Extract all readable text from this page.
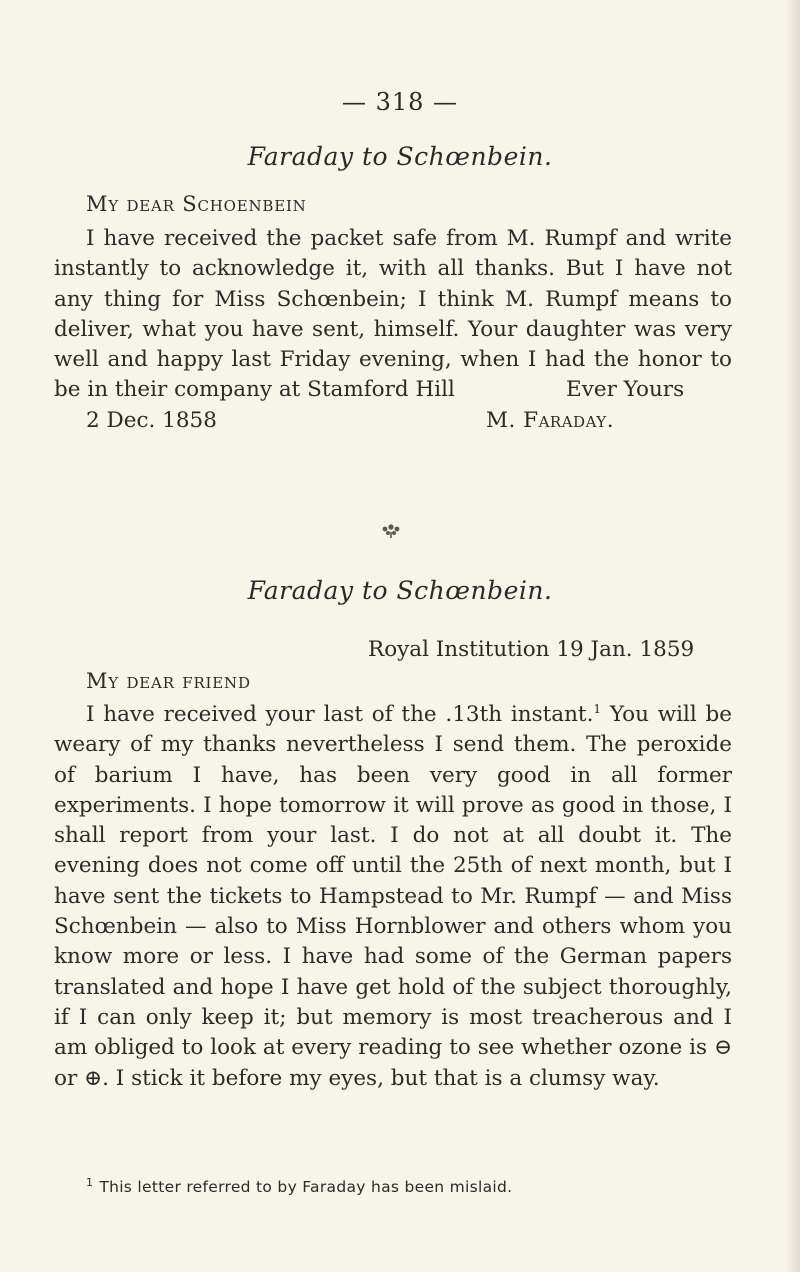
— 318 —
Faraday to Schœnbein.
My dear Schoenbein

I have received the packet safe from M. Rumpf and write instantly to acknowledge it, with all thanks. But I have not any thing for Miss Schœnbein; I think M. Rumpf means to deliver, what you have sent, himself. Your daughter was very well and happy last Friday evening, when I had the honor to be in their company at Stamford Hill	Ever Yours
2 Dec. 1858	M. Faraday.
Faraday to Schœnbein.
Royal Institution 19 Jan. 1859
My dear friend

I have received your last of the .13th instant.$^1$ You will be weary of my thanks nevertheless I send them. The peroxide of barium I have, has been very good in all former experiments. I hope tomorrow it will prove as good in those, I shall report from your last. I do not at all doubt it. The evening does not come off until the 25th of next month, but I have sent the tickets to Hampstead to Mr. Rumpf — and Miss Schœnbein — also to Miss Hornblower and others whom you know more or less. I have had some of the German papers translated and hope I have get hold of the subject thoroughly, if I can only keep it; but memory is most treacherous and I am obliged to look at every reading to see whether ozone is ⊖ or ⊕. I stick it before my eyes, but that is a clumsy way.

$^1$ This letter referred to by Faraday has been mislaid.
